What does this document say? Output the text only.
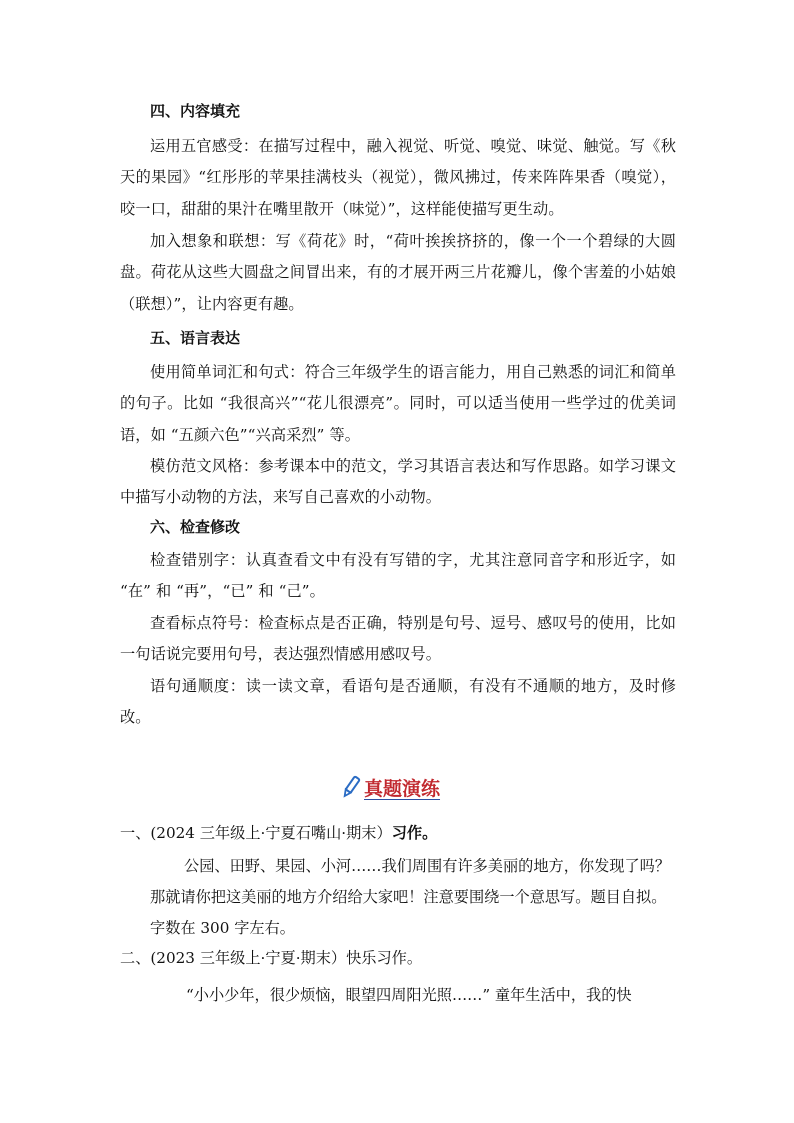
四、内容填充

运用五官感受：在描写过程中，融入视觉、听觉、嗅觉、味觉、触觉。写《秋天的果园》“红彤彤的苹果挂满枝头（视觉），微风拂过，传来阵阵果香（嗅觉），咬一口，甜甜的果汁在嘴里散开（味觉）”，这样能使描写更生动。

加入想象和联想：写《荷花》时，“荷叶挨挨挤挤的，像一个一个碧绿的大圆盘。荷花从这些大圆盘之间冒出来，有的才展开两三片花瓣儿，像个害羞的小姑娘（联想）”，让内容更有趣。

五、语言表达

使用简单词汇和句式：符合三年级学生的语言能力，用自己熟悉的词汇和简单的句子。比如 “我很高兴”“花儿很漂亮”。同时，可以适当使用一些学过的优美词语，如 “五颜六色”“兴高采烈” 等。

模仿范文风格：参考课本中的范文，学习其语言表达和写作思路。如学习课文中描写小动物的方法，来写自己喜欢的小动物。

六、检查修改

检查错别字：认真查看文中有没有写错的字，尤其注意同音字和形近字，如 “在” 和 “再”，“已” 和 “己”。

查看标点符号：检查标点是否正确，特别是句号、逗号、感叹号的使用，比如一句话说完要用句号，表达强烈情感用感叹号。

语句通顺度：读一读文章，看语句是否通顺，有没有不通顺的地方，及时修改。

真题演练
一、(2024 三年级上·宁夏石嘴山·期末）习作。

公园、田野、果园、小河……我们周围有许多美丽的地方，你发现了吗？那就请你把这美丽的地方介绍给大家吧！注意要围绕一个意思写。题目自拟。字数在 300 字左右。

二、(2023 三年级上·宁夏·期末）快乐习作。

“小小少年，很少烦恼，眼望四周阳光照……” 童年生活中，我的快
